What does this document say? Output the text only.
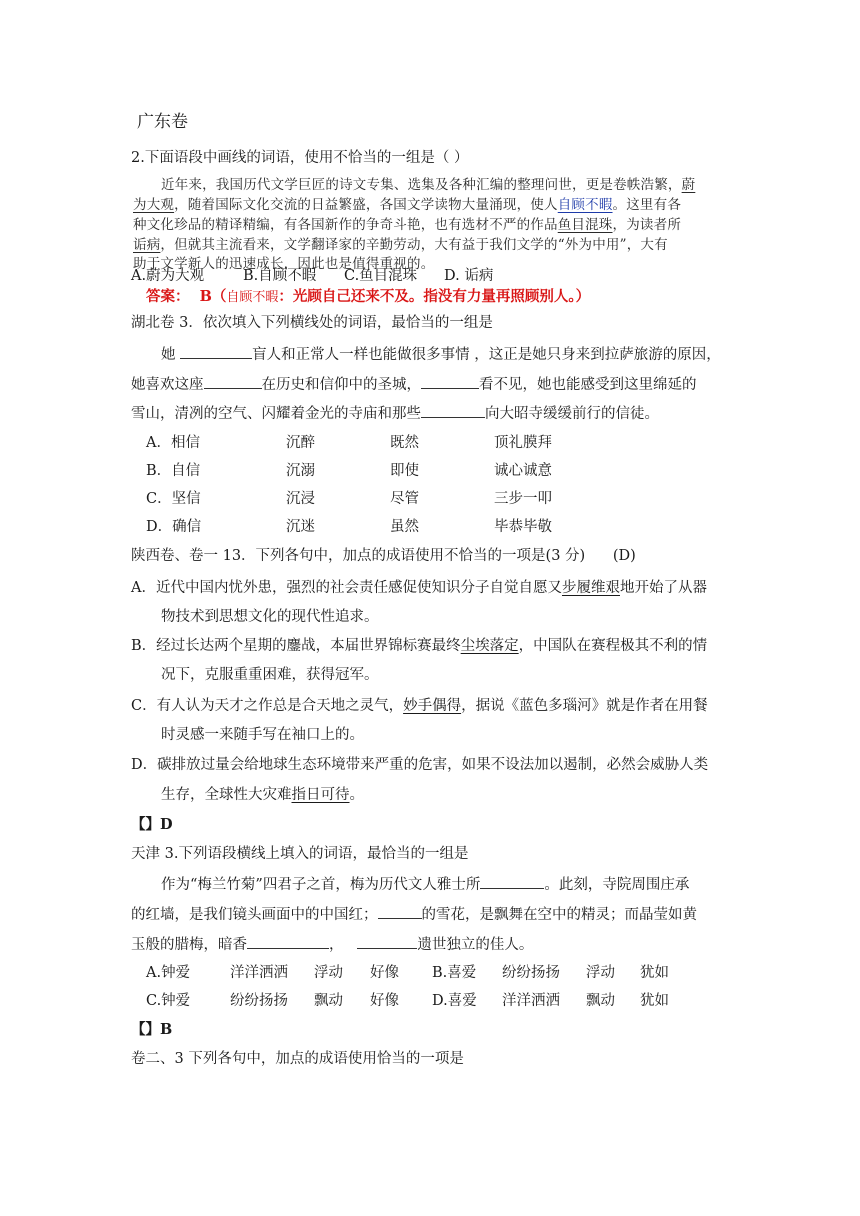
广东卷
2.下面语段中画线的词语，使用不恰当的一组是（ ）
近年来，我国历代文学巨匠的诗文专集、选集及各种汇编的整理问世，更是卷帙浩繁，蔚
为大观，随着国际文化交流的日益繁盛，各国文学读物大量涌现，使人自顾不暇。这里有各
种文化珍品的精译精编，有各国新作的争奇斗艳，也有选材不严的作品鱼目混珠，为读者所
诟病，但就其主流看来，文学翻译家的辛勤劳动，大有益于我们文学的“外为中用”，大有
助于文学新人的迅速成长，因此也是值得重视的。
A.蔚为大观	B.自顾不暇 C.鱼目混珠 D. 诟病
答案： B（自顾不暇：光顾自己还来不及。指没有力量再照顾别人。）
湖北卷 3．依次填入下列横线处的词语，最恰当的一组是
她	盲人和正常人一样也能做很多事情 ，这正是她只身来到拉萨旅游的原因，
她喜欢这座	在历史和信仰中的圣城，	看不见，她也能感受到这里绵延的
雪山，清冽的空气、闪耀着金光的寺庙和那些	向大昭寺缓缓前行的信徒。
A．相信	沉醉	既然	顶礼膜拜
B．自信	沉溺	即使	诚心诚意
C．坚信	沉浸	尽管	三步一叩
D．确信	沉迷	虽然	毕恭毕敬
陕西卷、卷一 13．下列各句中，加点的成语使用不恰当的一项是(3 分) (D)
A．近代中国内忧外患，强烈的社会责任感促使知识分子自觉自愿又步履维艰地开始了从器
物技术到思想文化的现代性追求。
B．经过长达两个星期的鏖战，本届世界锦标赛最终尘埃落定，中国队在赛程极其不利的情
况下，克服重重困难，获得冠军。
C．有人认为天才之作总是合天地之灵气，妙手偶得，据说《蓝色多瑙河》就是作者在用餐
时灵感一来随手写在袖口上的。
D．碳排放过量会给地球生态环境带来严重的危害，如果不设法加以遏制，必然会威胁人类
生存，全球性大灾难指日可待。
【】D
天津 3.下列语段横线上填入的词语，最恰当的一组是
作为“梅兰竹菊”四君子之首，梅为历代文人雅士所	。此刻，寺院周围庄承
的红墙，是我们镜头画面中的中国红；	的雪花，是飘舞在空中的精灵；而晶莹如黄
玉般的腊梅，暗香	，	遗世独立的佳人。
A.钟爱	洋洋洒洒 浮动 好像 B.喜爱 纷纷扬扬 浮动 犹如
C.钟爱	纷纷扬扬 飘动 好像 D.喜爱 洋洋洒洒 飘动 犹如
【】B
卷二、3 下列各句中，加点的成语使用恰当的一项是
